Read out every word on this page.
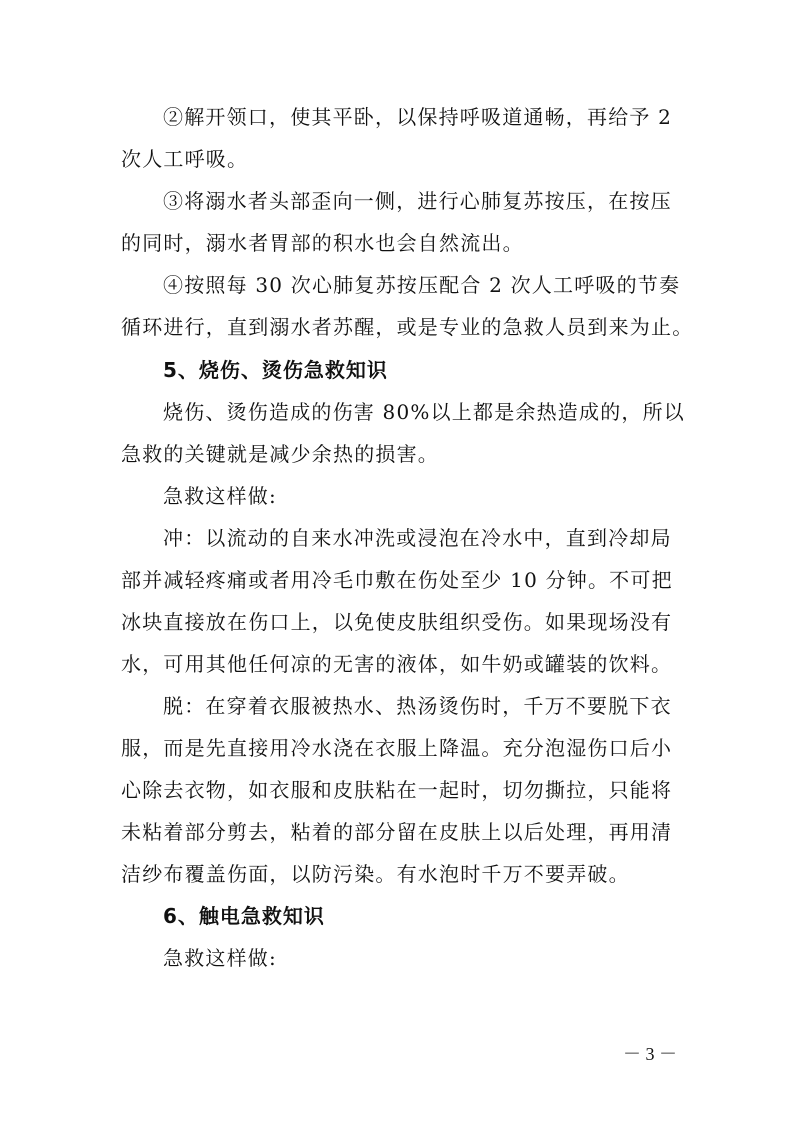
②解开领口，使其平卧，以保持呼吸道通畅，再给予 2
次人工呼吸。
③将溺水者头部歪向一侧，进行心肺复苏按压，在按压
的同时，溺水者胃部的积水也会自然流出。
④按照每 30 次心肺复苏按压配合 2 次人工呼吸的节奏
循环进行，直到溺水者苏醒，或是专业的急救人员到来为止。
5、烧伤、烫伤急救知识
烧伤、烫伤造成的伤害 80%以上都是余热造成的，所以
急救的关键就是减少余热的损害。
急救这样做:
冲：以流动的自来水冲洗或浸泡在冷水中，直到冷却局
部并减轻疼痛或者用冷毛巾敷在伤处至少 10 分钟。不可把
冰块直接放在伤口上，以免使皮肤组织受伤。如果现场没有
水，可用其他任何凉的无害的液体，如牛奶或罐装的饮料。
脱：在穿着衣服被热水、热汤烫伤时，千万不要脱下衣
服，而是先直接用冷水浇在衣服上降温。充分泡湿伤口后小
心除去衣物，如衣服和皮肤粘在一起时，切勿撕拉，只能将
未粘着部分剪去，粘着的部分留在皮肤上以后处理，再用清
洁纱布覆盖伤面，以防污染。有水泡时千万不要弄破。
6、触电急救知识
急救这样做:
－ 3 －
